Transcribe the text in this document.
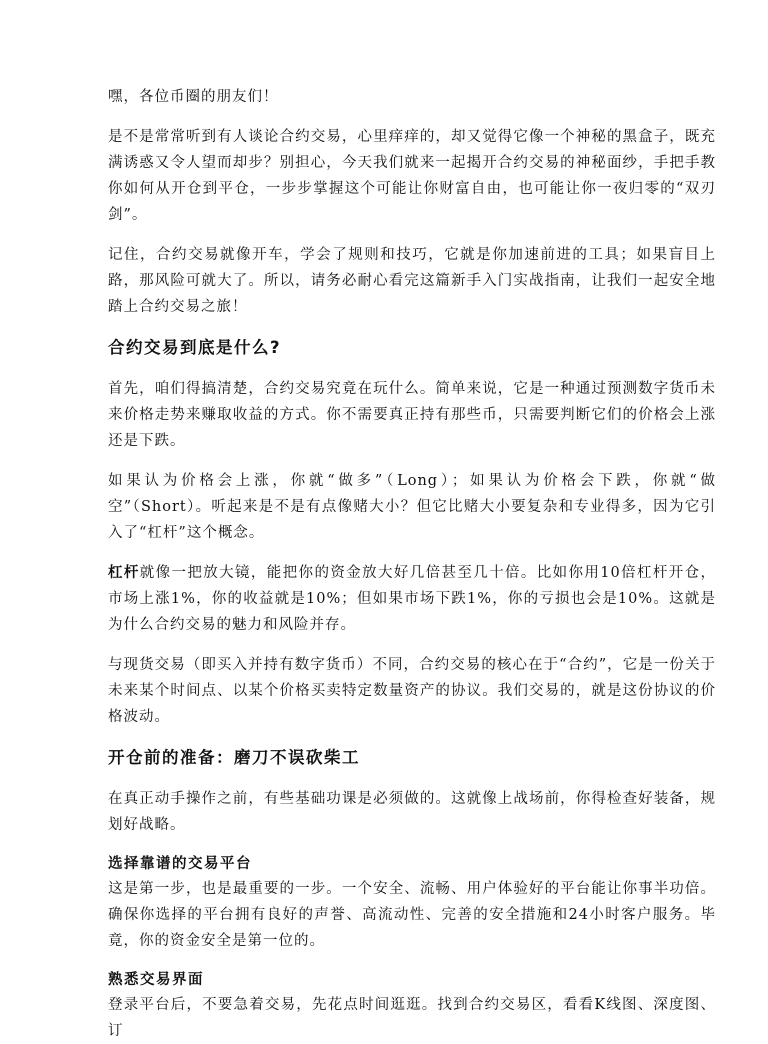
嘿，各位币圈的朋友们！

是不是常常听到有人谈论合约交易，心里痒痒的，却又觉得它像一个神秘的黑盒子，既充满诱惑又令人望而却步？别担心，今天我们就来一起揭开合约交易的神秘面纱，手把手教你如何从开仓到平仓，一步步掌握这个可能让你财富自由，也可能让你一夜归零的“双刃剑”。

记住，合约交易就像开车，学会了规则和技巧，它就是你加速前进的工具；如果盲目上路，那风险可就大了。所以，请务必耐心看完这篇新手入门实战指南，让我们一起安全地踏上合约交易之旅！

合约交易到底是什么?

首先，咱们得搞清楚，合约交易究竟在玩什么。简单来说，它是一种通过预测数字货币未来价格走势来赚取收益的方式。你不需要真正持有那些币，只需要判断它们的价格会上涨还是下跌。

如果认为价格会上涨，你就“做多”（Long）；如果认为价格会下跌，你就“做空”（Short）。听起来是不是有点像赌大小？但它比赌大小要复杂和专业得多，因为它引入了“杠杆”这个概念。

杠杆就像一把放大镜，能把你的资金放大好几倍甚至几十倍。比如你用10倍杠杆开仓，市场上涨1%，你的收益就是10%；但如果市场下跌1%，你的亏损也会是10%。这就是为什么合约交易的魅力和风险并存。

与现货交易（即买入并持有数字货币）不同，合约交易的核心在于“合约”，它是一份关于未来某个时间点、以某个价格买卖特定数量资产的协议。我们交易的，就是这份协议的价格波动。

开仓前的准备：磨刀不误砍柴工

在真正动手操作之前，有些基础功课是必须做的。这就像上战场前，你得检查好装备，规划好战略。

选择靠谱的交易平台

这是第一步，也是最重要的一步。一个安全、流畅、用户体验好的平台能让你事半功倍。确保你选择的平台拥有良好的声誉、高流动性、完善的安全措施和24小时客户服务。毕竟，你的资金安全是第一位的。

熟悉交易界面

登录平台后，不要急着交易，先花点时间逛逛。找到合约交易区，看看K线图、深度图、订
